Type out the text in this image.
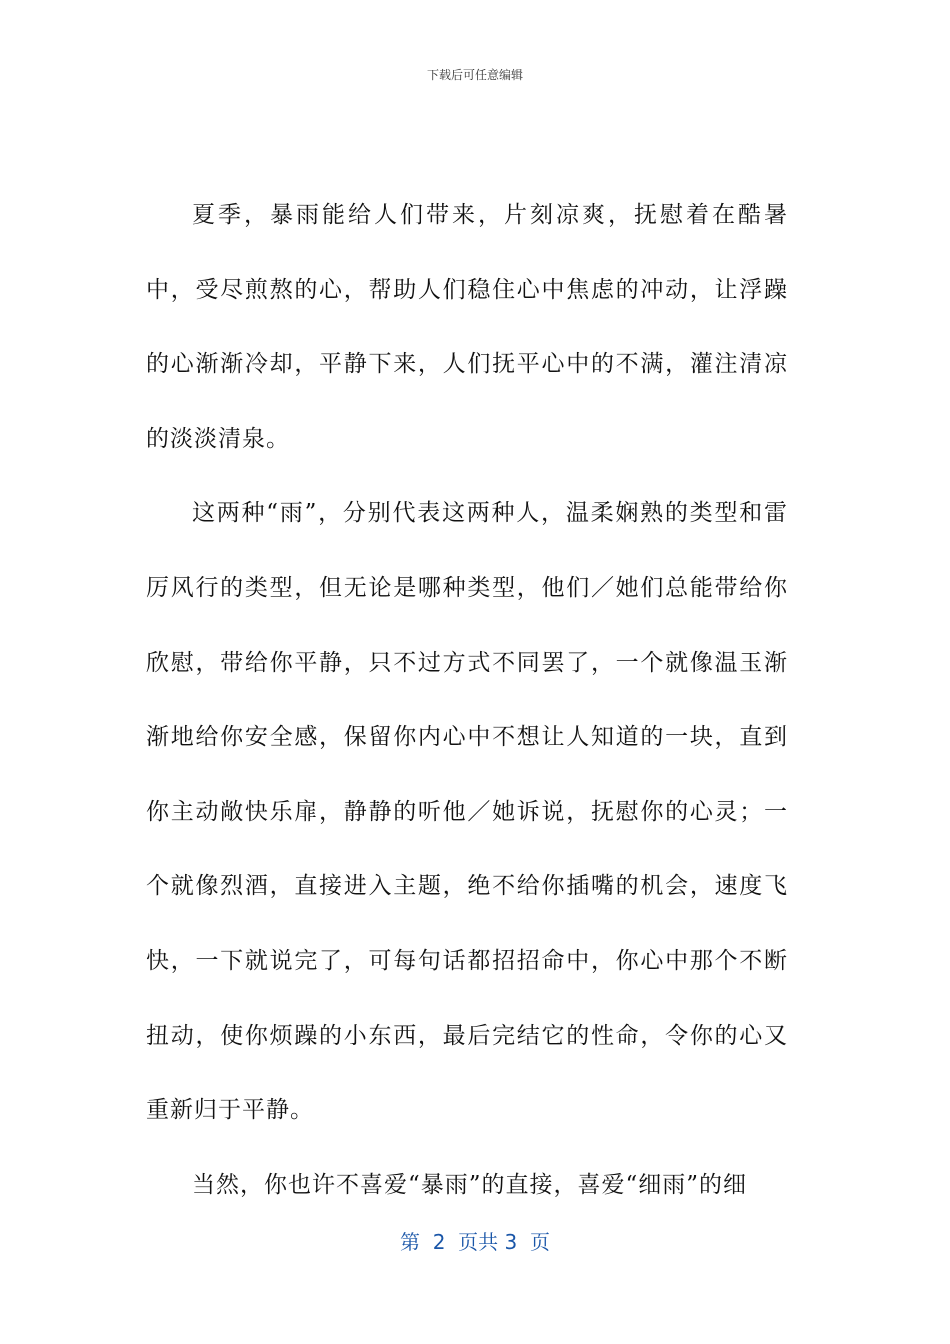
下载后可任意编辑

夏季，暴雨能给人们带来，片刻凉爽，抚慰着在酷暑中，受尽煎熬的心，帮助人们稳住心中焦虑的冲动，让浮躁的心渐渐冷却，平静下来，人们抚平心中的不满，灌注清凉的淡淡清泉。

这两种“雨”，分别代表这两种人，温柔娴熟的类型和雷厉风行的类型，但无论是哪种类型，他们／她们总能带给你欣慰，带给你平静，只不过方式不同罢了，一个就像温玉渐渐地给你安全感，保留你内心中不想让人知道的一块，直到你主动敞快乐扉，静静的听他／她诉说，抚慰你的心灵；一个就像烈酒，直接进入主题，绝不给你插嘴的机会，速度飞快，一下就说完了，可每句话都招招命中，你心中那个不断扭动，使你烦躁的小东西，最后完结它的性命，令你的心又重新归于平静。

当然，你也许不喜爱“暴雨”的直接，喜爱“细雨”的细

第  2  页共 3  页
